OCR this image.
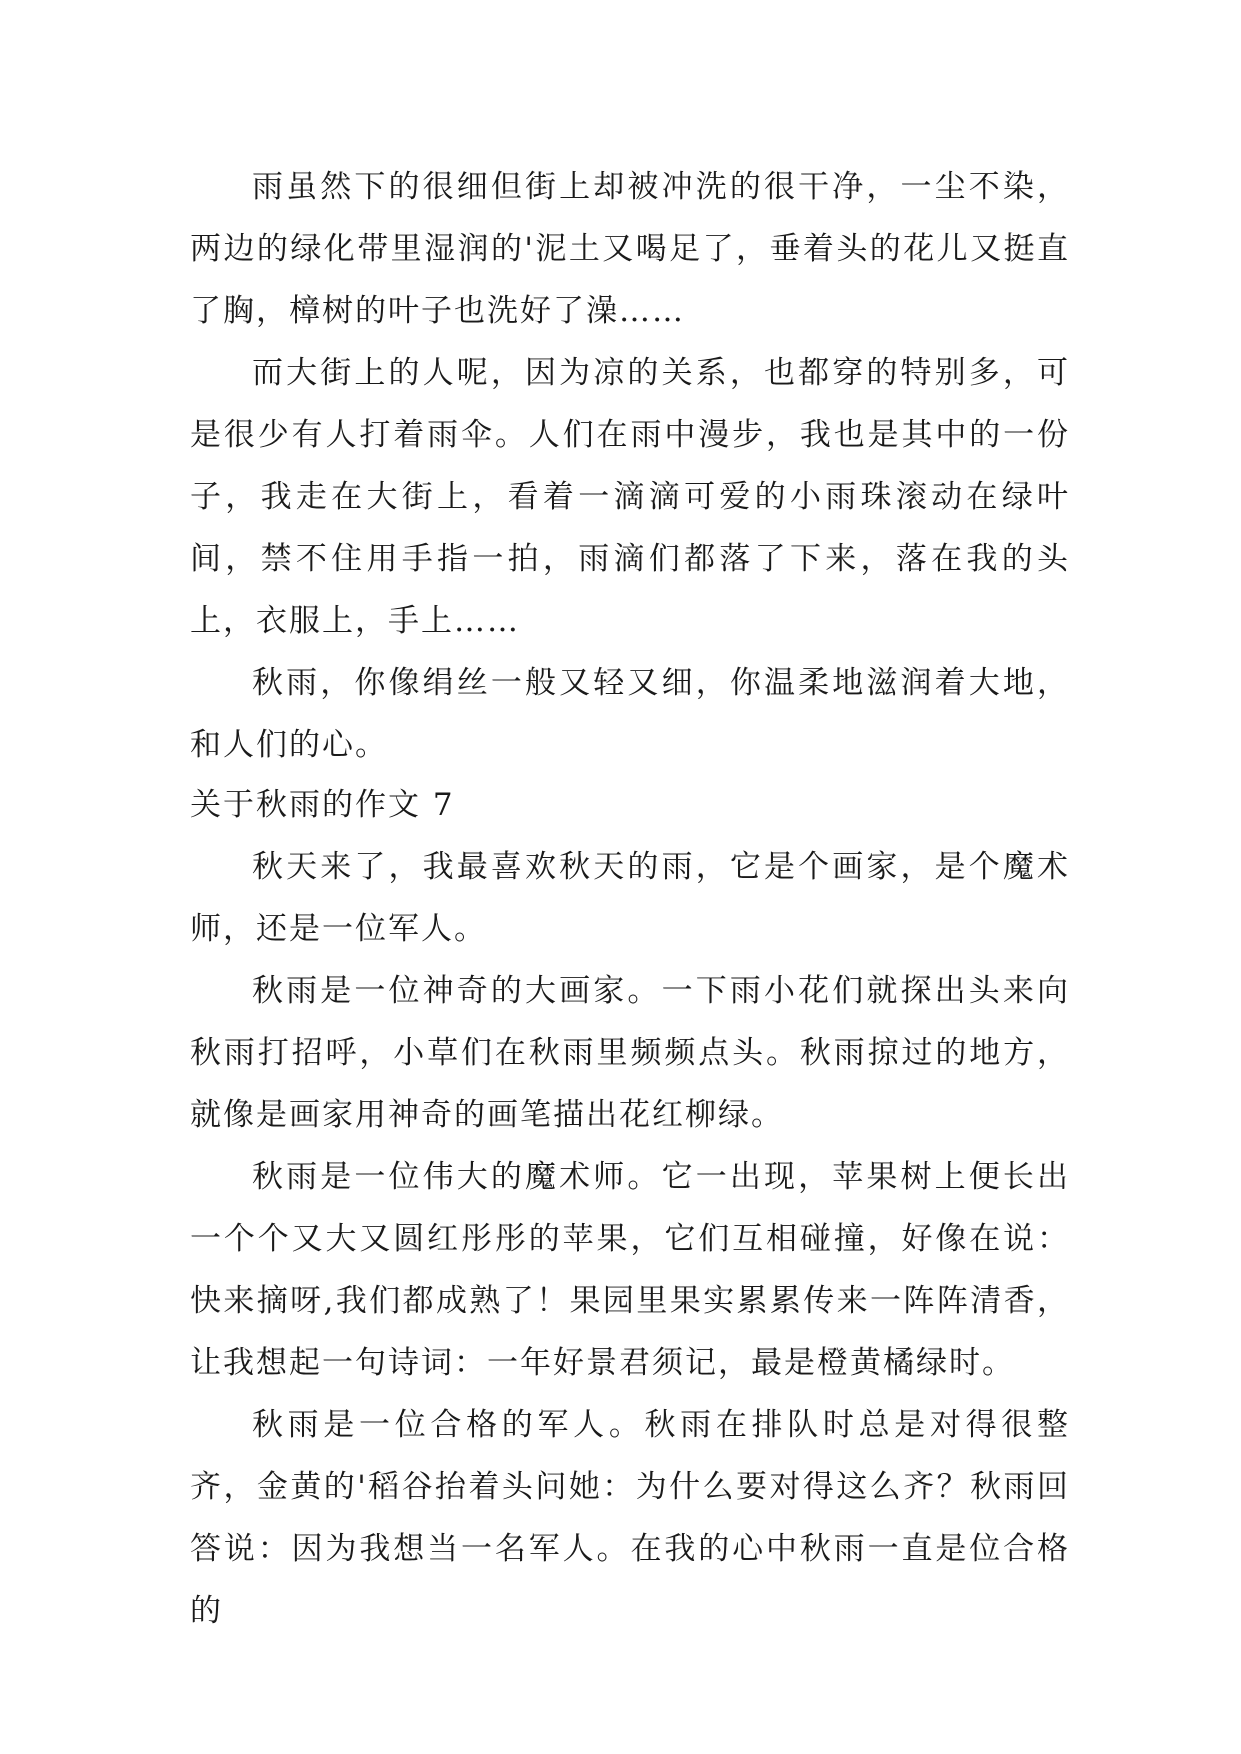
雨虽然下的很细但街上却被冲洗的很干净，一尘不染，两边的绿化带里湿润的'泥土又喝足了，垂着头的花儿又挺直了胸，樟树的叶子也洗好了澡……

而大街上的人呢，因为凉的关系，也都穿的特别多，可是很少有人打着雨伞。人们在雨中漫步，我也是其中的一份子，我走在大街上，看着一滴滴可爱的小雨珠滚动在绿叶间，禁不住用手指一拍，雨滴们都落了下来，落在我的头上，衣服上，手上……

秋雨，你像绢丝一般又轻又细，你温柔地滋润着大地，和人们的心。

关于秋雨的作文 7

秋天来了，我最喜欢秋天的雨，它是个画家，是个魔术师，还是一位军人。

秋雨是一位神奇的大画家。一下雨小花们就探出头来向秋雨打招呼，小草们在秋雨里频频点头。秋雨掠过的地方，就像是画家用神奇的画笔描出花红柳绿。

秋雨是一位伟大的魔术师。它一出现，苹果树上便长出一个个又大又圆红彤彤的苹果，它们互相碰撞，好像在说：快来摘呀,我们都成熟了！果园里果实累累传来一阵阵清香，让我想起一句诗词：一年好景君须记，最是橙黄橘绿时。

秋雨是一位合格的军人。秋雨在排队时总是对得很整齐，金黄的'稻谷抬着头问她：为什么要对得这么齐？秋雨回答说：因为我想当一名军人。在我的心中秋雨一直是位合格的
